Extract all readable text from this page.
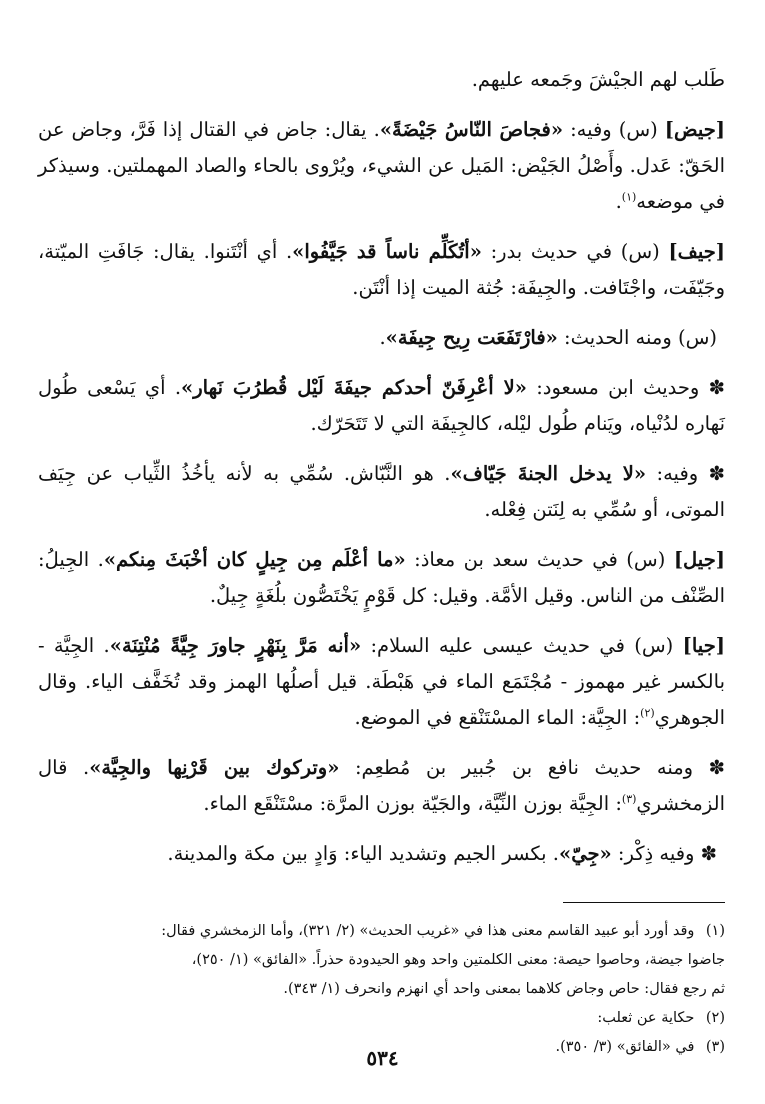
طَلب لهم الجيْشَ وجَمعه عليهم.

[جيض] (س) وفيه: «فجاصَ النّاسُ جَيْضَةً». يقال: جاض في القتال إذا فَرَّ، وجاض عن الحَقّ: عَدل. وأَصْلُ الجَيْض: المَيل عن الشيء، ويُرْوى بالحاء والصاد المهملتين. وسيذكر في موضعه$^{(١)}$.

[جيف] (س) في حديث بدر: «أتُكَلِّم ناساً قد جَيَّفُوا». أي أنْتَنوا. يقال: جَافَتِ الميّتة، وجَيّفَت، واجْتَافت. والجِيفَة: جُثة الميت إذا أنْتَن.

(س) ومنه الحديث: «فارْتَفَعَت رِيح جِيفَة».

✽ وحديث ابن مسعود: «لا أعْرِفَنّ أحدكم جيفَةَ لَيْل قُطرُبَ نَهار». أي يَسْعى طُول نَهاره لدُنْياه، ويَنام طُول ليْله، كالجِيفَة التي لا تَتَحَرّك.

✽ وفيه: «لا يدخل الجنةَ جَيّاف». هو النَّبّاش. سُمِّي به لأنه يأخُذُ الثِّياب عن جِيَف الموتى، أو سُمِّي به لِنَتن فِعْله.

[جيل] (س) في حديث سعد بن معاذ: «ما أعْلَم مِن جِيلٍ كان أخْبَثَ مِنكم». الجِيلُ: الصِّنْف من الناس. وقيل الأمَّة. وقيل: كل قَوْمٍ يَخْتَصُّون بلُغَةٍ جِيلٌ.

[جيا] (س) في حديث عيسى عليه السلام: «أنه مَرَّ بِنَهْرٍ جاورَ جِيَّةً مُنْتِنَة». الجِيَّة - بالكسر غير مهموز - مُجْتَمَع الماء في هَبْطَة. قيل أصلُها الهمز وقد تُخَفَّف الياء. وقال الجوهري$^{(٢)}$: الجِيَّة: الماء المسْتَنْقع في الموضع.

✽ ومنه حديث نافع بن جُبير بن مُطعِم: «وتركوك بين قَرْنِها والجِيَّة». قال الزمخشري$^{(٣)}$: الجِيَّة بوزن النِّيَّة، والجَيّة بوزن المرَّة: مسْتَنْقَع الماء.

✽ وفيه ذِكْر: «جِيّ». بكسر الجيم وتشديد الياء: وَادٍ بين مكة والمدينة.

(١) وقد أورد أبو عبيد القاسم معنى هذا في «غريب الحديث» (٢/ ٣٢١)، وأما الزمخشري فقال:

جاضوا جيضة، وحاصوا حيصة: معنى الكلمتين واحد وهو الحيدودة حذراً. «الفائق» (١/ ٢٥٠)،

ثم رجع فقال: حاص وجاض كلاهما بمعنى واحد أي انهزم وانحرف (١/ ٣٤٣).

(٢) حكاية عن ثعلب:

(٣) في «الفائق» (٣/ ٣٥٠).

٥٣٤
